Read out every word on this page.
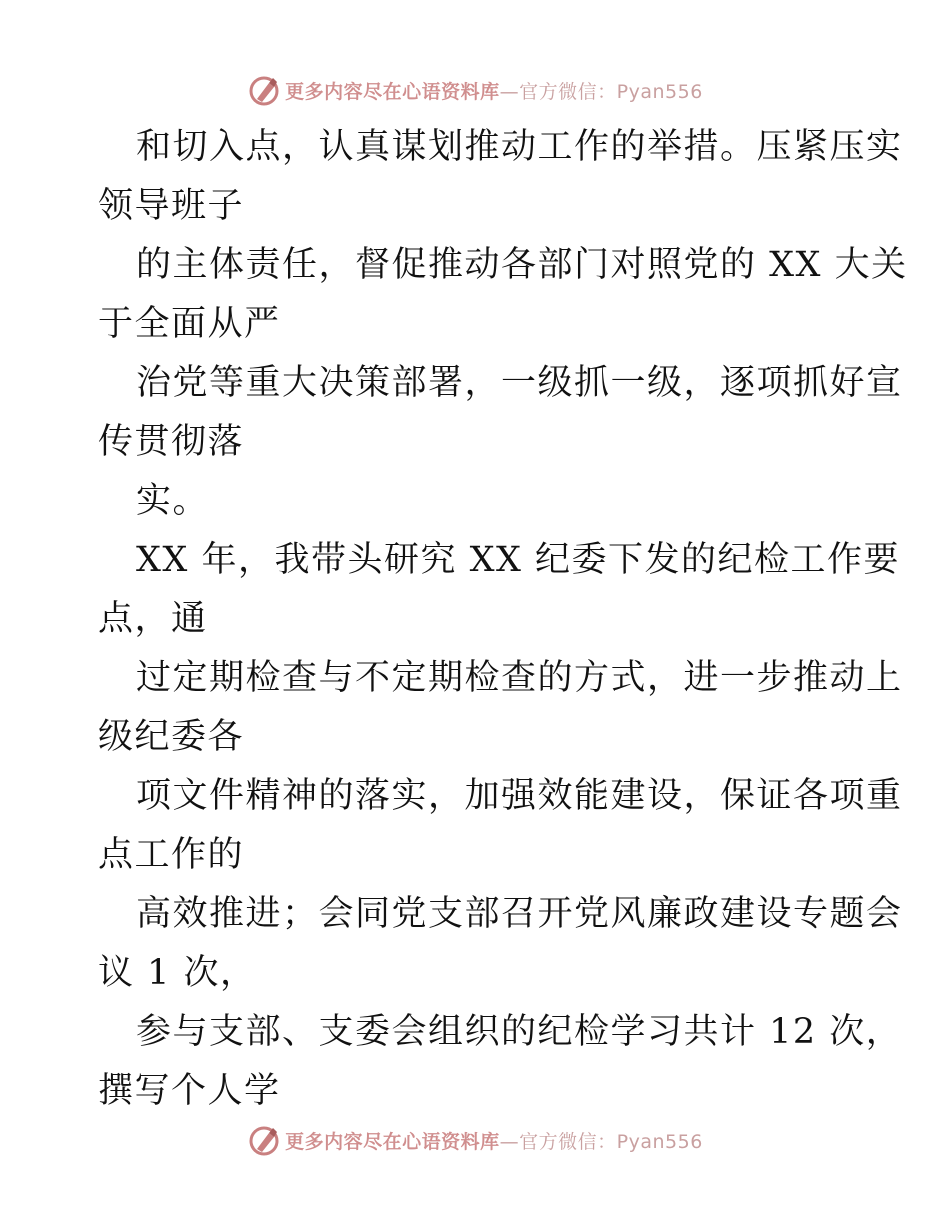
更多内容尽在心语资料库—官方微信：Pyan556
和切入点，认真谋划推动工作的举措。压紧压实
领导班子
的主体责任，督促推动各部门对照党的 XX 大关
于全面从严
治党等重大决策部署，一级抓一级，逐项抓好宣
传贯彻落
实。
XX 年，我带头研究 XX 纪委下发的纪检工作要
点，通
过定期检查与不定期检查的方式，进一步推动上
级纪委各
项文件精神的落实，加强效能建设，保证各项重
点工作的
高效推进；会同党支部召开党风廉政建设专题会
议 1 次，
参与支部、支委会组织的纪检学习共计 12 次，
撰写个人学
更多内容尽在心语资料库—官方微信：Pyan556
